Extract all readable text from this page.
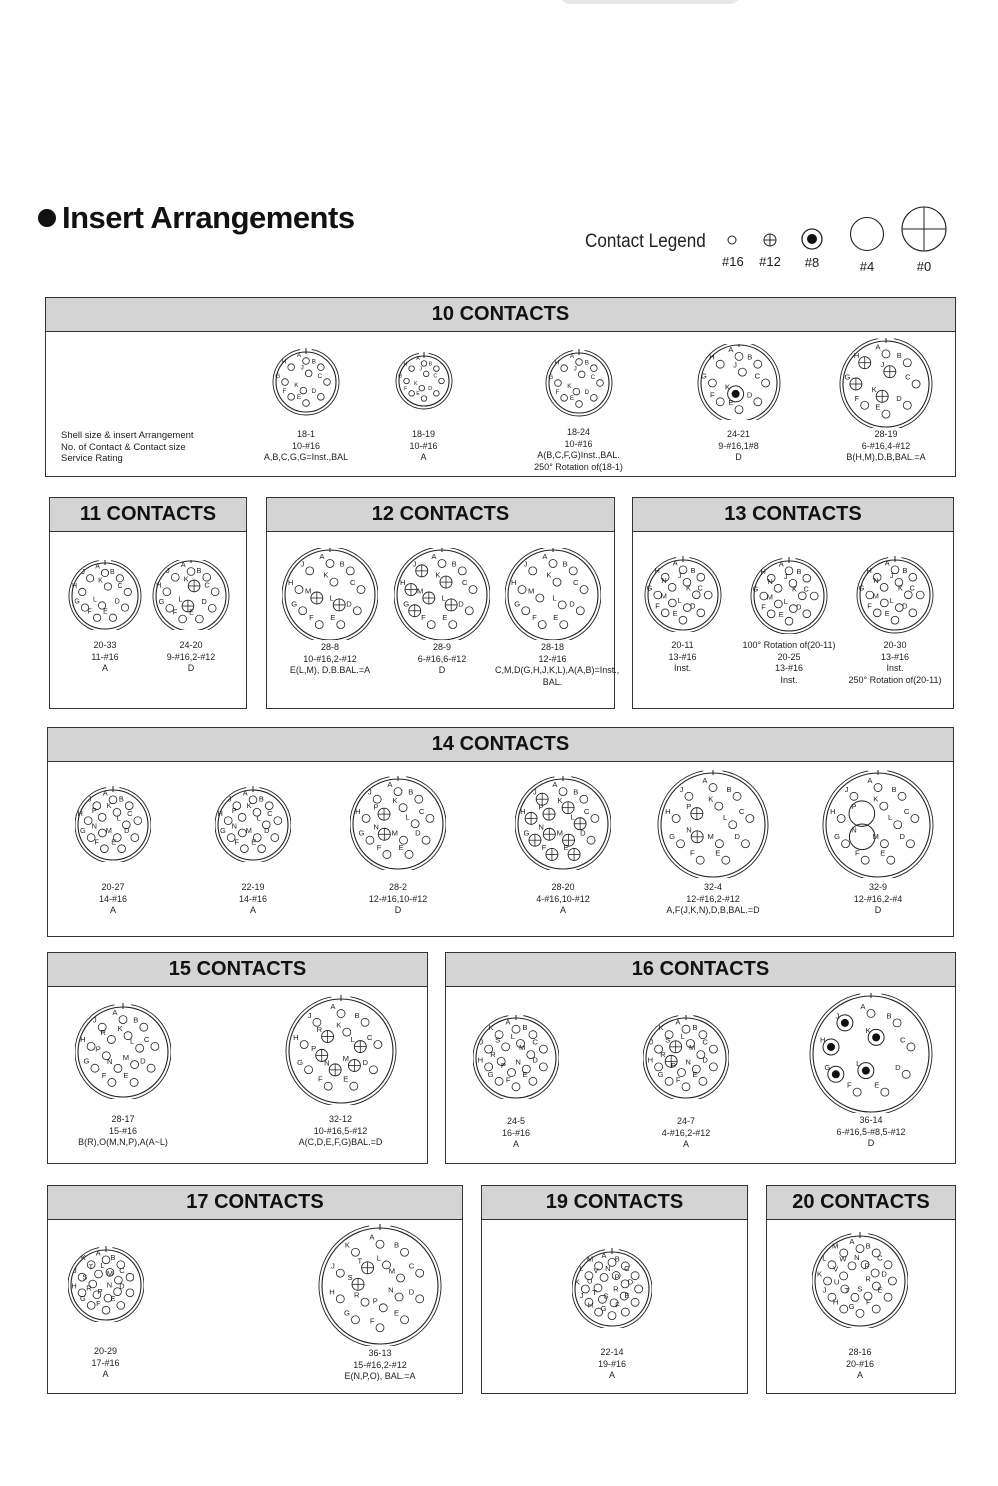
Insert Arrangements
Contact Legend
#16 #12	#8	#4	#0
10 CONTACTS
Shell size & insert Arrangement
No. of Contact & Contact size
Service Rating
A
B
C
D
E
F
G
H
J
K
18-1
10-#16
A,B,C,G,G=Inst.,BAL
A
B
C
D
E
F
G
H
J
K
18-19
10-#16
A
A
B
C
D
E
F
G
H
J
K
18-24
10-#16
A(B,C,F,G)Inst.,BAL.
250° Rotation of(18-1)
A
B
C
D
E
F
G
H
J
K
24-21
9-#16,1#8
D
A
B
C
D
E
F
G
H
J
K
28-19
6-#16,4-#12
B(H,M),D,B,BAL.=A
11 CONTACTS
A
B
C
D
E
F
G
H
J
K
L
20-33
11-#16
A
A
B
C
D
E
F
G
H
J
K
L
24-20
9-#16,2-#12
D
12 CONTACTS
A
B
C
D
E
F
G
H
J
K
L
M
28-8
10-#16,2-#12
E(L,M), D.B.BAL.=A
A
B
C
D
E
F
G
H
J
K
L
M
28-9
6-#16,6-#12
D
A
B
C
D
E
F
G
H
J
K
L
M
28-18
12-#16
C,M,D(G,H,J,K,L),A(A,B)=Inst.,
BAL.
13 CONTACTS
A
B
C
D
E
F
G
H
J
K
L
M
N
20-11
13-#16
Inst.
A
B
C
D
E
F
G
H
J
K
L
M
N
100° Rotation of(20-11)
20-25
13-#16
Inst.
A
B
C
D
E
F
G
H
J
K
L
M
N
20-30
13-#16
Inst.
250° Rotation of(20-11)
14 CONTACTS
A
B
C
D
E
F
G
H
J
K
L
M
N
P
20-27
14-#16
A
A
B
C
D
E
F
G
H
J
K
L
M
N
P
22-19
14-#16
A
A
B
C
D
E
F
G
H
J
K
L
M
N
P
28-2
12-#16,10-#12
D
A
B
C
D
E
F
G
H
J
K
L
M
N
P
28-20
4-#16,10-#12
A
A
B
C
D
E
F
G
H
J
K
L
M
N
P
32-4
12-#16,2-#12
A,F(J,K,N),D,B,BAL.=D
A
B
C
D
E
F
G
H
J
K
L
M
N
P
32-9
12-#16,2-#4
D
15 CONTACTS
A
B
C
D
E
F
G
H
J
K
L
M
N
P
R
28-17
15-#16
B(R),O(M,N,P),A(A~L)
A
B
C
D
E
F
G
H
J
K
L
M
N
P
R
32-12
10-#16,5-#12
A(C,D,E,F,G)BAL.=D
16 CONTACTS
A
B
C
D
E
F
G
H
J
K
L
M
N
P
R
S
24-5
16-#16
A
A
B
C
D
E
F
G
H
J
K
L
M
N
P
R
S
24-7
4-#16,2-#12
A
A
B
C
D
E
F
G
H
J
K
L
36-14
6-#16,5-#8,5-#12
D
17 CONTACTS
A
B
C
D
E
F
G
H
J
K
L
M
N
P
R
S
T
20-29
17-#16
A
A
B
C
D
E
F
G
H
J
K
L
M
N
P
R
S
T
36-13
15-#16,2-#12
E(N,P,O), BAL.=A
19 CONTACTS
A B
C
D
E
F
G
H
J
K
L
M
N
P
R
S
T
U
V
22-14
19-#16
A
20 CONTACTS
A B
C
D
E
F
G
H
J
K
L
M
N
P
R
S
T
U
V
W
28-16
20-#16
A
